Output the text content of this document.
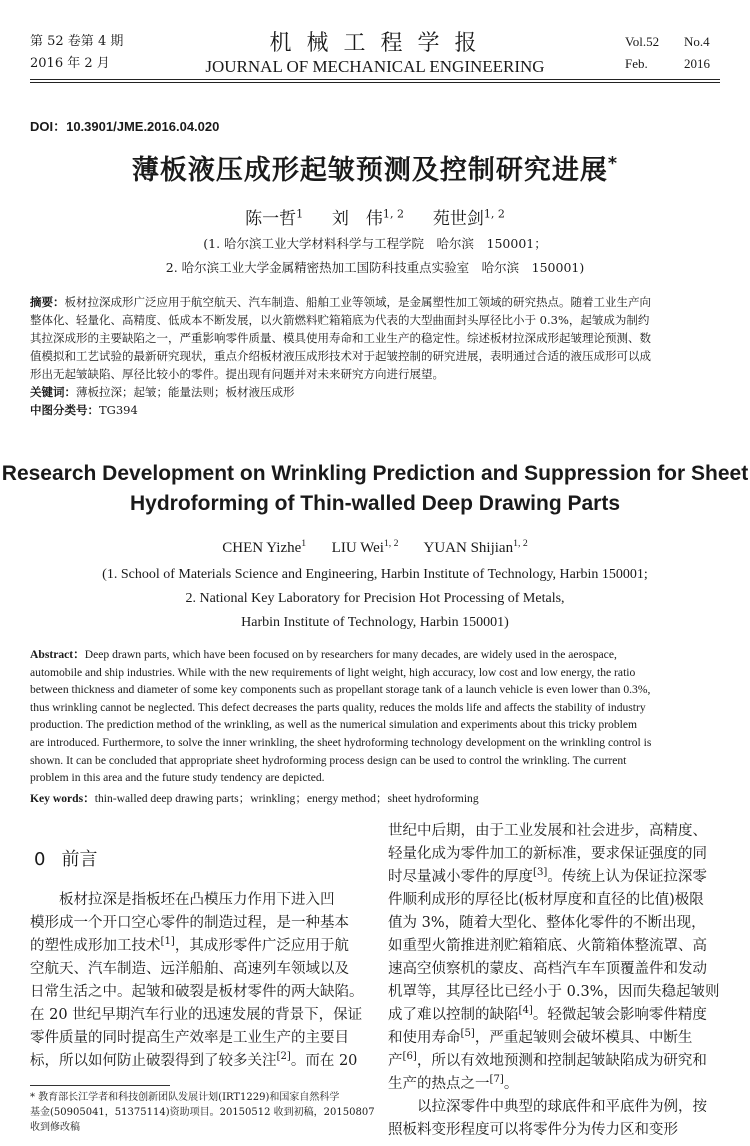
第 52 卷第 4 期
2016 年 2 月
机 械 工 程 学 报
JOURNAL OF MECHANICAL ENGINEERING
Vol.52 No.4
Feb.	2016
DOI：10.3901/JME.2016.04.020
薄板液压成形起皱预测及控制研究进展*
陈一哲$^1$ 刘　伟$^{1, 2}$ 苑世剑$^{1, 2}$
(1. 哈尔滨工业大学材料科学与工程学院　哈尔滨　150001；
2. 哈尔滨工业大学金属精密热加工国防科技重点实验室　哈尔滨　150001)
摘要：板材拉深成形广泛应用于航空航天、汽车制造、船舶工业等领域，是金属塑性加工领域的研究热点。随着工业生产向
整体化、轻量化、高精度、低成本不断发展，以火箭燃料贮箱箱底为代表的大型曲面封头厚径比小于 0.3%，起皱成为制约
其拉深成形的主要缺陷之一，严重影响零件质量、模具使用寿命和工业生产的稳定性。综述板材拉深成形起皱理论预测、数
值模拟和工艺试验的最新研究现状，重点介绍板材液压成形技术对于起皱控制的研究进展，表明通过合适的液压成形可以成
形出无起皱缺陷、厚径比较小的零件。提出现有问题并对未来研究方向进行展望。
关键词：薄板拉深；起皱；能量法则；板材液压成形
中图分类号：TG394
Research Development on Wrinkling Prediction and Suppression for Sheet
Hydroforming of Thin-walled Deep Drawing Parts
CHEN Yizhe$^1$ LIU Wei$^{1, 2}$ YUAN Shijian$^{1, 2}$
(1. School of Materials Science and Engineering, Harbin Institute of Technology, Harbin 150001;
2. National Key Laboratory for Precision Hot Processing of Metals,
Harbin Institute of Technology, Harbin 150001)
Abstract：Deep drawn parts, which have been focused on by researchers for many decades, are widely used in the aerospace,
automobile and ship industries. While with the new requirements of light weight, high accuracy, low cost and low energy, the ratio
between thickness and diameter of some key components such as propellant storage tank of a launch vehicle is even lower than 0.3%,
thus wrinkling cannot be neglected. This defect decreases the parts quality, reduces the molds life and affects the stability of industry
production. The prediction method of the wrinkling, as well as the numerical simulation and experiments about this tricky problem
are introduced. Furthermore, to solve the inner wrinkling, the sheet hydroforming technology development on the wrinkling control is
shown. It can be concluded that appropriate sheet hydroforming process design can be used to control the wrinkling. The current
problem in this area and the future study tendency are depicted.
Key words：thin-walled deep drawing parts；wrinkling；energy method；sheet hydroforming
0 前言
　　板材拉深是指板坯在凸模压力作用下进入凹
模形成一个开口空心零件的制造过程，是一种基本
的塑性成形加工技术[1]，其成形零件广泛应用于航
空航天、汽车制造、远洋船舶、高速列车领域以及
日常生活之中。起皱和破裂是板材零件的两大缺陷。
在 20 世纪早期汽车行业的迅速发展的背景下，保证
零件质量的同时提高生产效率是工业生产的主要目
标，所以如何防止破裂得到了较多关注[2]。而在 20
世纪中后期，由于工业发展和社会进步，高精度、
轻量化成为零件加工的新标准，要求保证强度的同
时尽量减小零件的厚度[3]。传统上认为保证拉深零
件顺利成形的厚径比(板材厚度和直径的比值)极限
值为 3%，随着大型化、整体化零件的不断出现，
如重型火箭推进剂贮箱箱底、火箭箱体整流罩、高
速高空侦察机的蒙皮、高档汽车车顶覆盖件和发动
机罩等，其厚径比已经小于 0.3%，因而失稳起皱则
成了难以控制的缺陷[4]。轻微起皱会影响零件精度
和使用寿命[5]，严重起皱则会破坏模具、中断生
产[6]，所以有效地预测和控制起皱缺陷成为研究和
生产的热点之一[7]。
　　以拉深零件中典型的球底件和平底件为例，按
照板料变形程度可以将零件分为传力区和变形
* 教育部长江学者和科技创新团队发展计划(IRT1229)和国家自然科学
基金(50905041，51375114)资助项目。20150512 收到初稿，20150807
收到修改稿
